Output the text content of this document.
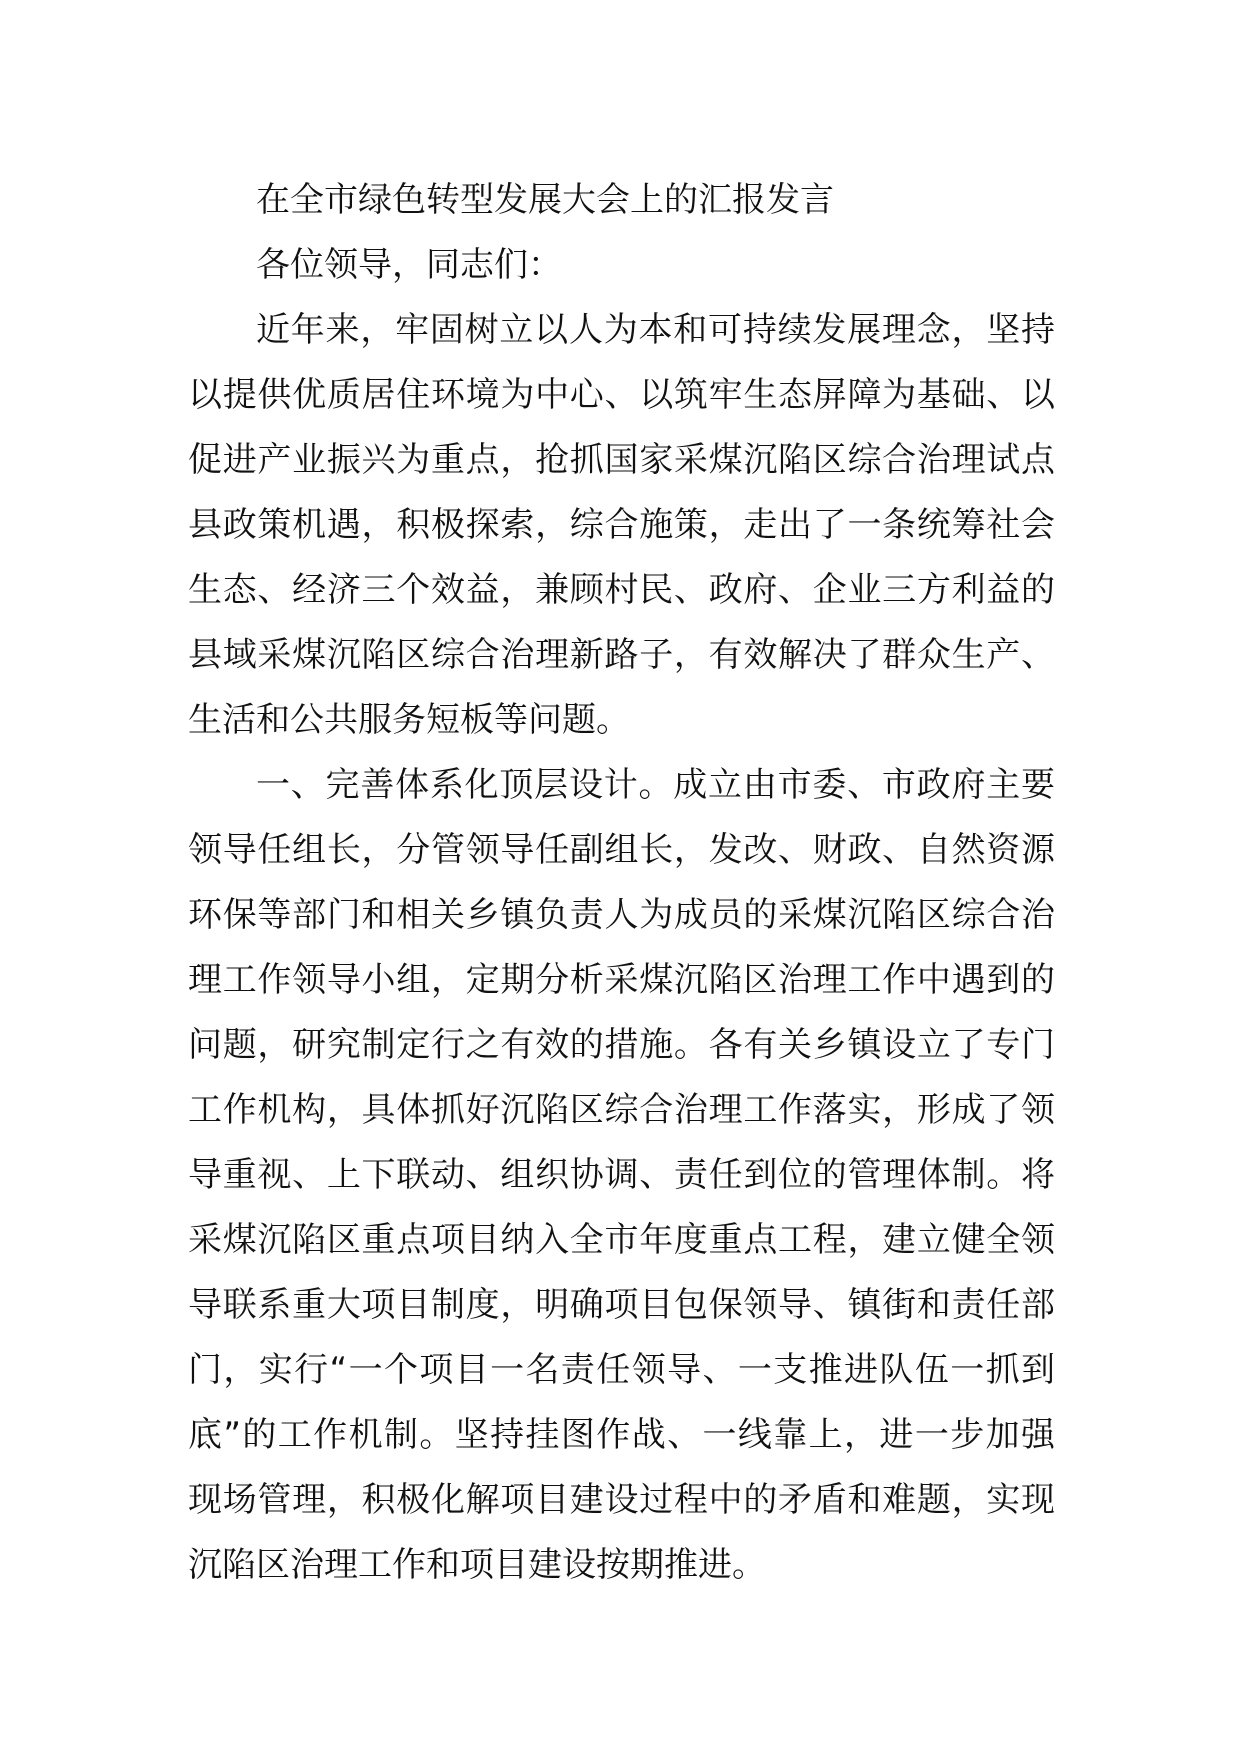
在全市绿色转型发展大会上的汇报发言

各位领导，同志们：

近年来，牢固树立以人为本和可持续发展理念，坚持以提供优质居住环境为中心、以筑牢生态屏障为基础、以促进产业振兴为重点，抢抓国家采煤沉陷区综合治理试点县政策机遇，积极探索，综合施策，走出了一条统筹社会生态、经济三个效益，兼顾村民、政府、企业三方利益的县域采煤沉陷区综合治理新路子，有效解决了群众生产、生活和公共服务短板等问题。

一、完善体系化顶层设计。成立由市委、市政府主要领导任组长，分管领导任副组长，发改、财政、自然资源环保等部门和相关乡镇负责人为成员的采煤沉陷区综合治理工作领导小组，定期分析采煤沉陷区治理工作中遇到的问题，研究制定行之有效的措施。各有关乡镇设立了专门工作机构，具体抓好沉陷区综合治理工作落实，形成了领导重视、上下联动、组织协调、责任到位的管理体制。将采煤沉陷区重点项目纳入全市年度重点工程，建立健全领导联系重大项目制度，明确项目包保领导、镇街和责任部门，实行“一个项目一名责任领导、一支推进队伍一抓到底”的工作机制。坚持挂图作战、一线靠上，进一步加强现场管理，积极化解项目建设过程中的矛盾和难题，实现沉陷区治理工作和项目建设按期推进。
